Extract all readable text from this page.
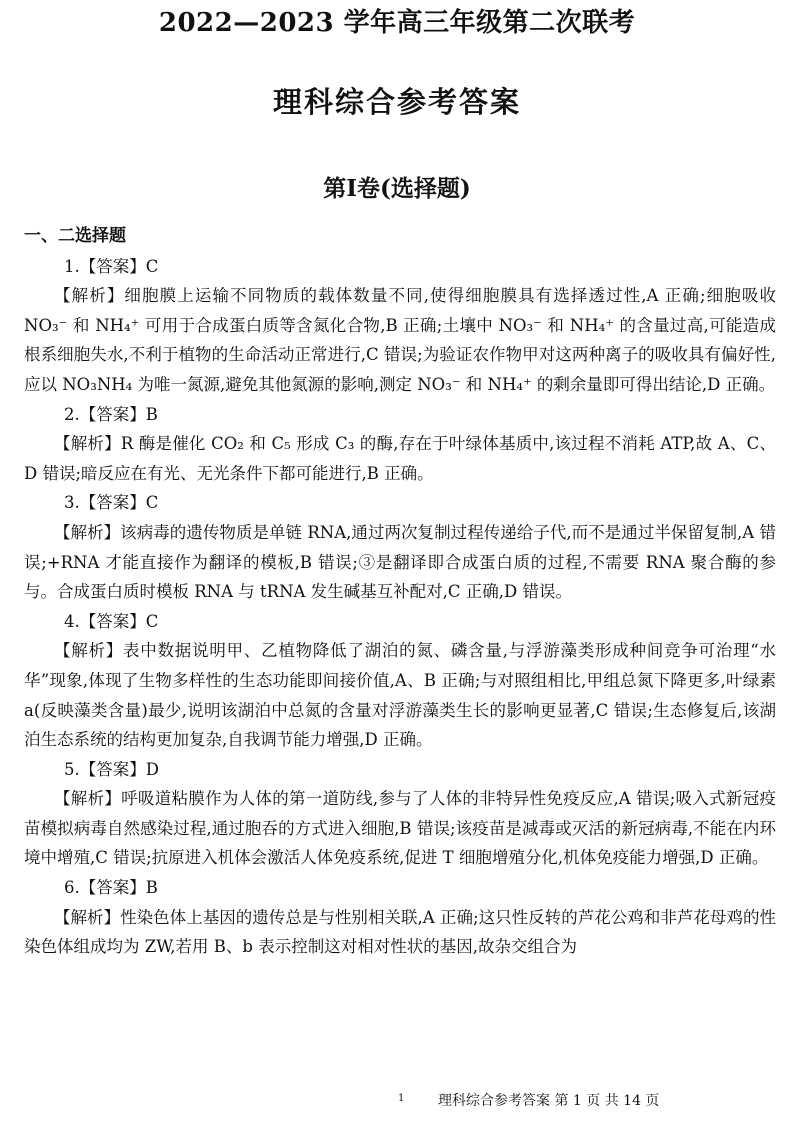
2022—2023 学年高三年级第二次联考
理科综合参考答案
第Ⅰ卷(选择题)

一、二选择题

1.【答案】C

【解析】细胞膜上运输不同物质的载体数量不同,使得细胞膜具有选择透过性,A 正确;细胞吸收 NO₃⁻ 和 NH₄⁺ 可用于合成蛋白质等含氮化合物,B 正确;土壤中 NO₃⁻ 和 NH₄⁺ 的含量过高,可能造成根系细胞失水,不利于植物的生命活动正常进行,C 错误;为验证农作物甲对这两种离子的吸收具有偏好性,应以 NO₃NH₄ 为唯一氮源,避免其他氮源的影响,测定 NO₃⁻ 和 NH₄⁺ 的剩余量即可得出结论,D 正确。

2.【答案】B

【解析】R 酶是催化 CO₂ 和 C₅ 形成 C₃ 的酶,存在于叶绿体基质中,该过程不消耗 ATP,故 A、C、D 错误;暗反应在有光、无光条件下都可能进行,B 正确。

3.【答案】C

【解析】该病毒的遗传物质是单链 RNA,通过两次复制过程传递给子代,而不是通过半保留复制,A 错误;+RNA 才能直接作为翻译的模板,B 错误;③是翻译即合成蛋白质的过程,不需要 RNA 聚合酶的参与。合成蛋白质时模板 RNA 与 tRNA 发生碱基互补配对,C 正确,D 错误。

4.【答案】C

【解析】表中数据说明甲、乙植物降低了湖泊的氮、磷含量,与浮游藻类形成种间竞争可治理“水华”现象,体现了生物多样性的生态功能即间接价值,A、B 正确;与对照组相比,甲组总氮下降更多,叶绿素 a(反映藻类含量)最少,说明该湖泊中总氮的含量对浮游藻类生长的影响更显著,C 错误;生态修复后,该湖泊生态系统的结构更加复杂,自我调节能力增强,D 正确。

5.【答案】D

【解析】呼吸道粘膜作为人体的第一道防线,参与了人体的非特异性免疫反应,A 错误;吸入式新冠疫苗模拟病毒自然感染过程,通过胞吞的方式进入细胞,B 错误;该疫苗是减毒或灭活的新冠病毒,不能在内环境中增殖,C 错误;抗原进入机体会激活人体免疫系统,促进 T 细胞增殖分化,机体免疫能力增强,D 正确。

6.【答案】B

【解析】性染色体上基因的遗传总是与性别相关联,A 正确;这只性反转的芦花公鸡和非芦花母鸡的性染色体组成均为 ZW,若用 B、b 表示控制这对相对性状的基因,故杂交组合为

1 理科综合参考答案 第 1 页 共 14 页
